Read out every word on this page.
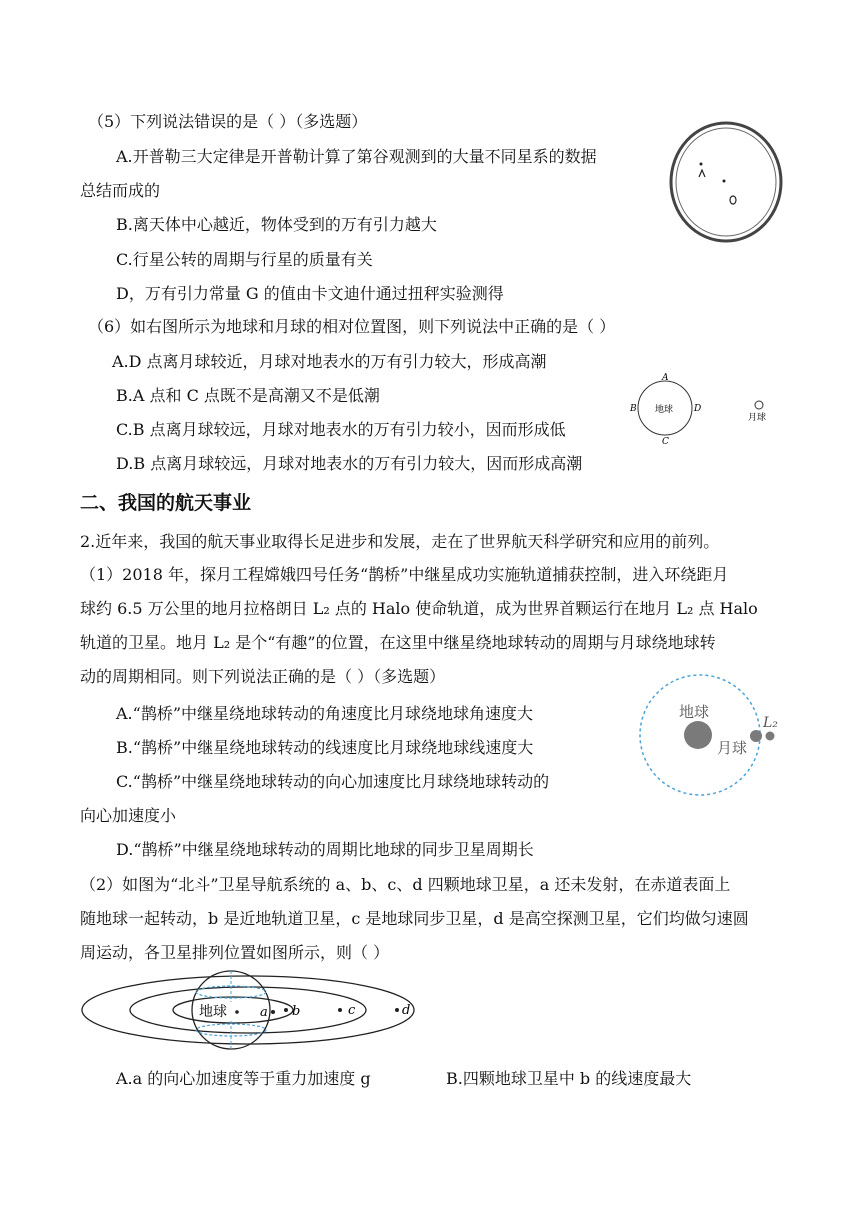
（5）下列说法错误的是（ ）（多选题）
A.开普勒三大定律是开普勒计算了第谷观测到的大量不同星系的数据
总结而成的
B.离天体中心越近，物体受到的万有引力越大
C.行星公转的周期与行星的质量有关
D，万有引力常量 G 的值由卡文迪什通过扭秤实验测得
（6）如右图所示为地球和月球的相对位置图，则下列说法中正确的是（ ）
A.D 点离月球较近，月球对地表水的万有引力较大，形成高潮
B.A 点和 C 点既不是高潮又不是低潮
C.B 点离月球较远，月球对地表水的万有引力较小，因而形成低
D.B 点离月球较远，月球对地表水的万有引力较大，因而形成高潮
A
B
C
D
地球
月球
二、我国的航天事业
2.近年来，我国的航天事业取得长足进步和发展，走在了世界航天科学研究和应用的前列。
（1）2018 年，探月工程嫦娥四号任务“鹊桥”中继星成功实施轨道捕获控制，进入环绕距月
球约 6.5 万公里的地月拉格朗日 L₂ 点的 Halo 使命轨道，成为世界首颗运行在地月 L₂ 点 Halo
轨道的卫星。地月 L₂ 是个“有趣”的位置，在这里中继星绕地球转动的周期与月球绕地球转
动的周期相同。则下列说法正确的是（ ）（多选题）
A.“鹊桥”中继星绕地球转动的角速度比月球绕地球角速度大
B.“鹊桥”中继星绕地球转动的线速度比月球绕地球线速度大
C.“鹊桥”中继星绕地球转动的向心加速度比月球绕地球转动的
向心加速度小
D.“鹊桥”中继星绕地球转动的周期比地球的同步卫星周期长
地球
月球
L₂
（2）如图为“北斗”卫星导航系统的 a、b、c、d 四颗地球卫星，a 还未发射，在赤道表面上
随地球一起转动，b 是近地轨道卫星，c 是地球同步卫星，d 是高空探测卫星，它们均做匀速圆
周运动，各卫星排列位置如图所示，则（ ）
地球	a b	c	d
A.a 的向心加速度等于重力加速度 g	B.四颗地球卫星中 b 的线速度最大
